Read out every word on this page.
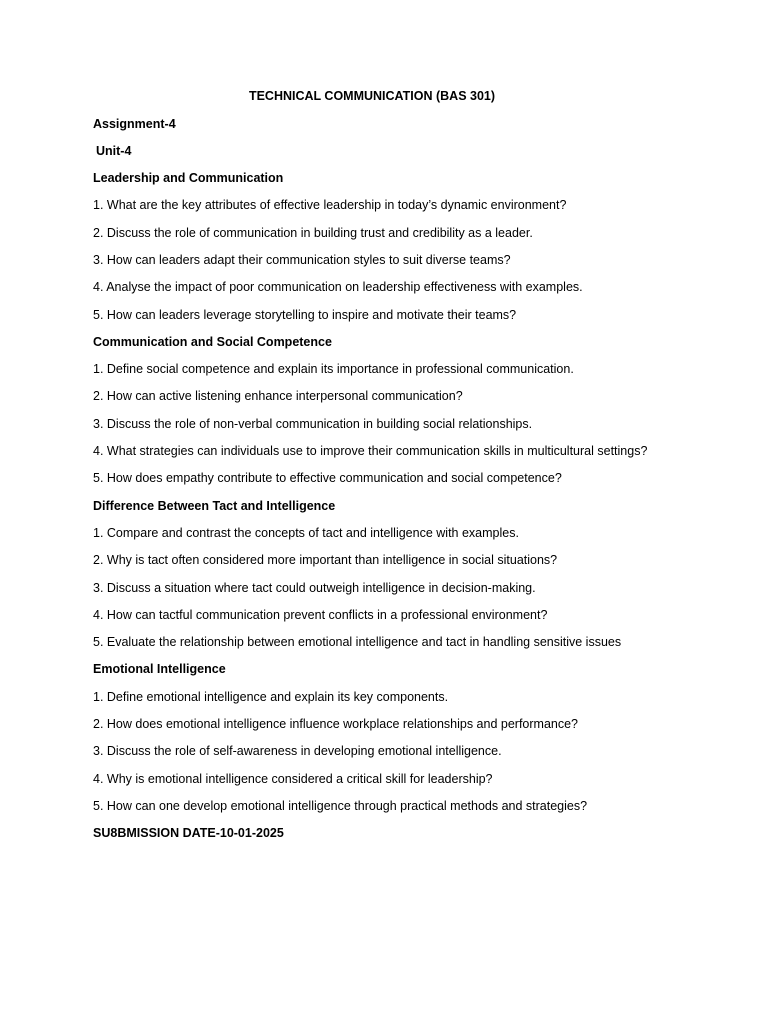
TECHNICAL COMMUNICATION (BAS 301)
Assignment-4
Unit-4
Leadership and Communication
1. What are the key attributes of effective leadership in today’s dynamic environment?
2. Discuss the role of communication in building trust and credibility as a leader.
3. How can leaders adapt their communication styles to suit diverse teams?
4. Analyse the impact of poor communication on leadership effectiveness with examples.
5. How can leaders leverage storytelling to inspire and motivate their teams?
Communication and Social Competence
1. Define social competence and explain its importance in professional communication.
2. How can active listening enhance interpersonal communication?
3. Discuss the role of non-verbal communication in building social relationships.
4. What strategies can individuals use to improve their communication skills in multicultural settings?
5. How does empathy contribute to effective communication and social competence?
Difference Between Tact and Intelligence
1. Compare and contrast the concepts of tact and intelligence with examples.
2. Why is tact often considered more important than intelligence in social situations?
3. Discuss a situation where tact could outweigh intelligence in decision-making.
4. How can tactful communication prevent conflicts in a professional environment?
5. Evaluate the relationship between emotional intelligence and tact in handling sensitive issues
Emotional Intelligence
1. Define emotional intelligence and explain its key components.
2. How does emotional intelligence influence workplace relationships and performance?
3. Discuss the role of self-awareness in developing emotional intelligence.
4. Why is emotional intelligence considered a critical skill for leadership?
5. How can one develop emotional intelligence through practical methods and strategies?
SU8BMISSION DATE-10-01-2025
